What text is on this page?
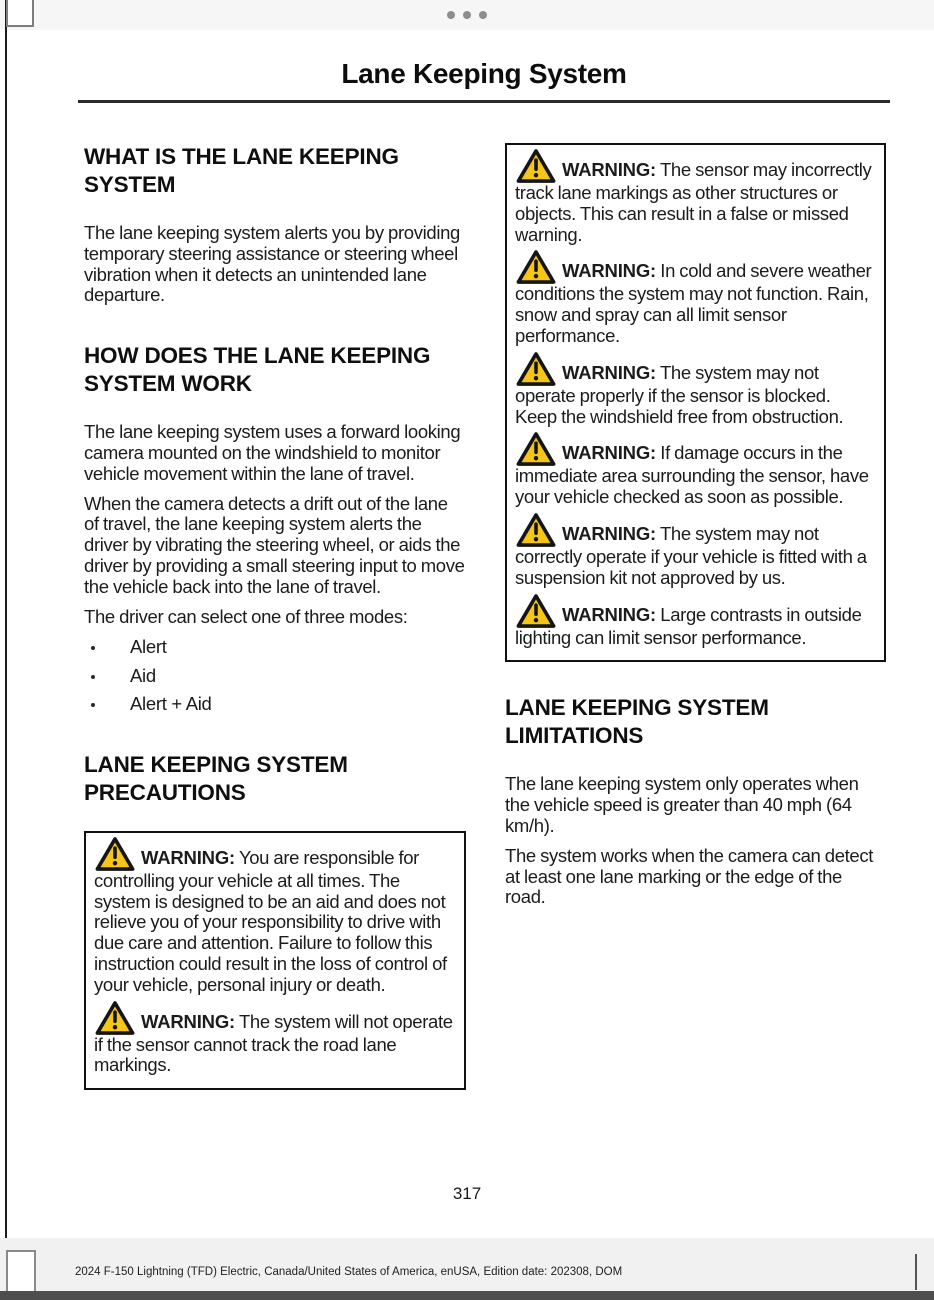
Lane Keeping System
WHAT IS THE LANE KEEPING SYSTEM

The lane keeping system alerts you by providing temporary steering assistance or steering wheel vibration when it detects an unintended lane departure.

HOW DOES THE LANE KEEPING SYSTEM WORK

The lane keeping system uses a forward looking camera mounted on the windshield to monitor vehicle movement within the lane of travel.

When the camera detects a drift out of the lane of travel, the lane keeping system alerts the driver by vibrating the steering wheel, or aids the driver by providing a small steering input to move the vehicle back into the lane of travel.

The driver can select one of three modes:

Alert
Aid
Alert + Aid
LANE KEEPING SYSTEM PRECAUTIONS

WARNING: You are responsible for controlling your vehicle at all times. The system is designed to be an aid and does not relieve you of your responsibility to drive with due care and attention. Failure to follow this instruction could result in the loss of control of your vehicle, personal injury or death.

WARNING: The system will not operate if the sensor cannot track the road lane markings.

WARNING: The sensor may incorrectly track lane markings as other structures or objects. This can result in a false or missed warning.

WARNING: In cold and severe weather conditions the system may not function. Rain, snow and spray can all limit sensor performance.

WARNING: The system may not operate properly if the sensor is blocked. Keep the windshield free from obstruction.

WARNING: If damage occurs in the immediate area surrounding the sensor, have your vehicle checked as soon as possible.

WARNING: The system may not correctly operate if your vehicle is fitted with a suspension kit not approved by us.

WARNING: Large contrasts in outside lighting can limit sensor performance.

LANE KEEPING SYSTEM LIMITATIONS

The lane keeping system only operates when the vehicle speed is greater than 40 mph (64 km/h).

The system works when the camera can detect at least one lane marking or the edge of the road.

317
2024 F-150 Lightning (TFD) Electric, Canada/United States of America, enUSA, Edition date: 202308, DOM
